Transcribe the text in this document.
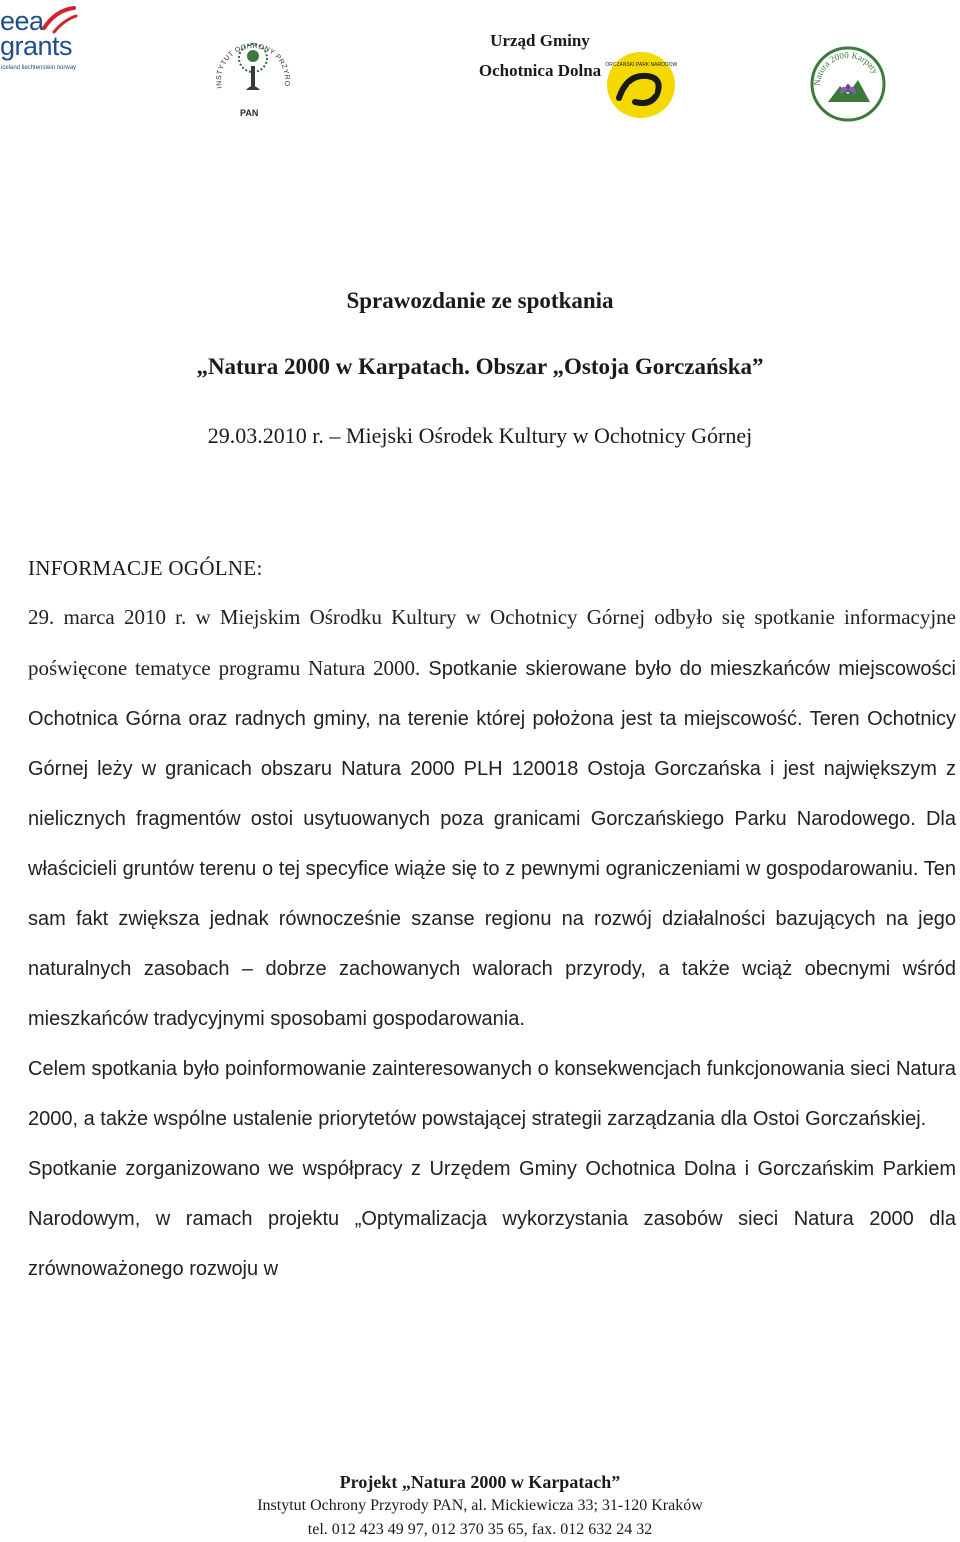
eea
grants
iceland liechtenstein norway
INSTYTUT OCHRONY PRZYRO
PAN
Urząd Gminy
Ochotnica Dolna GORCZAŃSKI PARK NARODOWY
Natura 2000 Karpaty
Sprawozdanie ze spotkania
„Natura 2000 w Karpatach. Obszar „Ostoja Gorczańska”
29.03.2010 r. – Miejski Ośrodek Kultury w Ochotnicy Górnej
INFORMACJE OGÓLNE:

29. marca 2010 r. w Miejskim Ośrodku Kultury w Ochotnicy Górnej odbyło się spotkanie informacyjne poświęcone tematyce programu Natura 2000. Spotkanie skierowane było do mieszkańców miejscowości Ochotnica Górna oraz radnych gminy, na terenie której położona jest ta miejscowość. Teren Ochotnicy Górnej leży w granicach obszaru Natura 2000 PLH 120018 Ostoja Gorczańska i jest największym z nielicznych fragmentów ostoi usytuowanych poza granicami Gorczańskiego Parku Narodowego. Dla właścicieli gruntów terenu o tej specyfice wiąże się to z pewnymi ograniczeniami w gospodarowaniu. Ten sam fakt zwiększa jednak równocześnie szanse regionu na rozwój działalności bazujących na jego naturalnych zasobach – dobrze zachowanych walorach przyrody, a także wciąż obecnymi wśród mieszkańców tradycyjnymi sposobami gospodarowania.

Celem spotkania było poinformowanie zainteresowanych o konsekwencjach funkcjonowania sieci Natura 2000, a także wspólne ustalenie priorytetów powstającej strategii zarządzania dla Ostoi Gorczańskiej.

Spotkanie zorganizowano we współpracy z Urzędem Gminy Ochotnica Dolna i Gorczańskim Parkiem Narodowym, w ramach projektu „Optymalizacja wykorzystania zasobów sieci Natura 2000 dla zrównoważonego rozwoju w

Projekt „Natura 2000 w Karpatach”
Instytut Ochrony Przyrody PAN, al. Mickiewicza 33; 31-120 Kraków
tel. 012 423 49 97, 012 370 35 65, fax. 012 632 24 32
